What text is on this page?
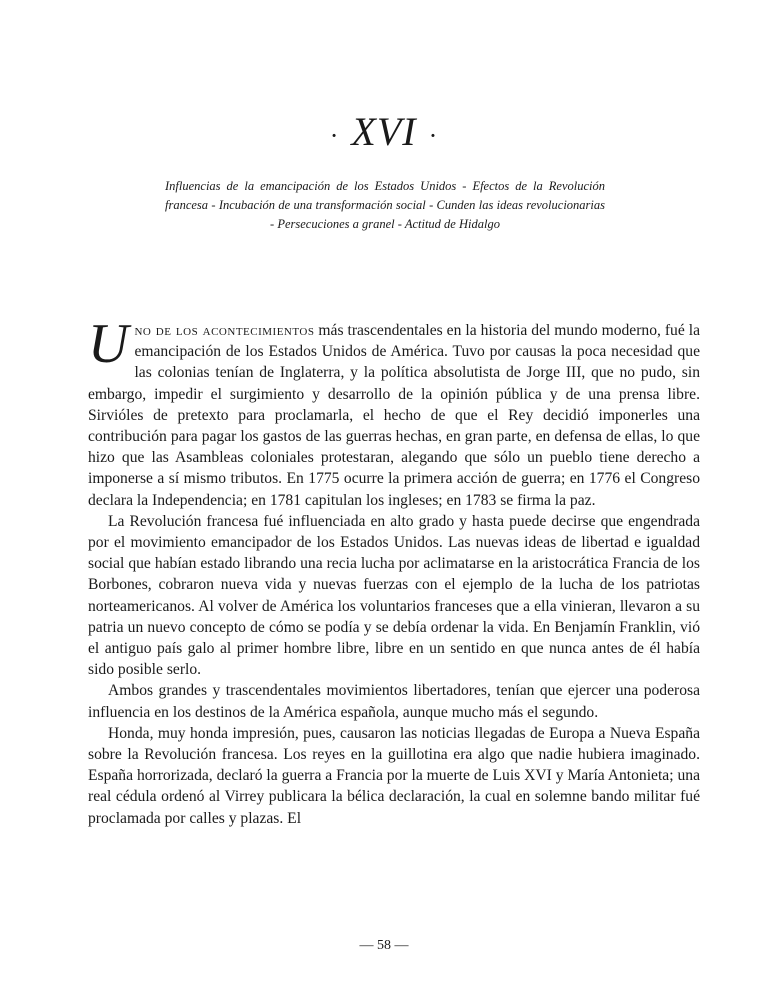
· XVI ·
Influencias de la emancipación de los Estados Unidos - Efectos de la Revolución francesa - Incubación de una transformación social - Cunden las ideas revolucionarias - Persecuciones a granel - Actitud de Hidalgo

Uno de los acontecimientos más trascendentales en la historia del mundo moderno, fué la emancipación de los Estados Unidos de América. Tuvo por causas la poca necesidad que las colonias tenían de Inglaterra, y la política absolutista de Jorge III, que no pudo, sin embargo, impedir el surgimiento y desarrollo de la opinión pública y de una prensa libre. Sirvióles de pretexto para proclamarla, el hecho de que el Rey decidió imponerles una contribución para pagar los gastos de las guerras hechas, en gran parte, en defensa de ellas, lo que hizo que las Asambleas coloniales protestaran, alegando que sólo un pueblo tiene derecho a imponerse a sí mismo tributos. En 1775 ocurre la primera acción de guerra; en 1776 el Congreso declara la Independencia; en 1781 capitulan los ingleses; en 1783 se firma la paz.

La Revolución francesa fué influenciada en alto grado y hasta puede decirse que engendrada por el movimiento emancipador de los Estados Unidos. Las nuevas ideas de libertad e igualdad social que habían estado librando una recia lucha por aclimatarse en la aristocrática Francia de los Borbones, cobraron nueva vida y nuevas fuerzas con el ejemplo de la lucha de los patriotas norteamericanos. Al volver de América los voluntarios franceses que a ella vinieran, llevaron a su patria un nuevo concepto de cómo se podía y se debía ordenar la vida. En Benjamín Franklin, vió el antiguo país galo al primer hombre libre, libre en un sentido en que nunca antes de él había sido posible serlo.

Ambos grandes y trascendentales movimientos libertadores, tenían que ejercer una poderosa influencia en los destinos de la América española, aunque mucho más el segundo.

Honda, muy honda impresión, pues, causaron las noticias llegadas de Europa a Nueva España sobre la Revolución francesa. Los reyes en la guillotina era algo que nadie hubiera imaginado. España horrorizada, declaró la guerra a Francia por la muerte de Luis XVI y María Antonieta; una real cédula ordenó al Virrey publicara la bélica declaración, la cual en solemne bando militar fué proclamada por calles y plazas. El

— 58 —
